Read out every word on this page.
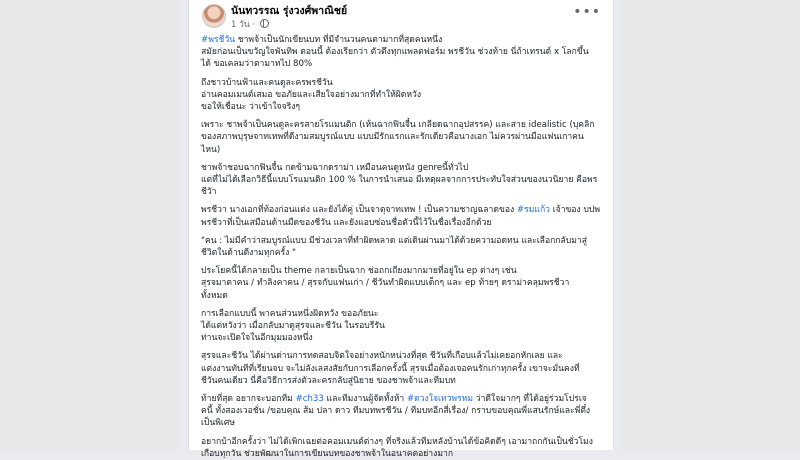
นันทวรรณ รุ่งวงศ์พาณิชย์
1 วัน ·
•••

#พรชีวัน ชาพจ้าเป็นนักเขียนบท ที่มีจำนวนคนตามากที่สุดคนหนึ่ง
สมัยก่อนเป็นขวัญใจพันทิพ ตอนนี้ ต้องเรียกว่า ตัวตึงทุกแพลตฟอร์ม พรชีวัน ช่วงท้าย นี่ถ้าเทรนด์ x โลกขึ้น
ได้ ขอเคลมว่าตามาทไป 80%

ถึงชาวบ้านฟ้าและคนดูละครพรชีวัน
อ่านคอมเมนต์เสมอ ขอภัยและเสียใจอย่างมากที่ทำให้ผิดหวัง
ขอให้เชื่อนะ ว่าเข้าใจจริงๆ

เพราะ ชาพจ้าเป็นคนดูละครสายโรแมนติก (เห้นฉากฟินจื๋น เกลียดฉากอุปสรรค) และสาย idealistic (บุคลิก
ของสภาพบุรุษจาทเทพที่ดีงามสมบูรณ์แบบ แบบมีรักแรกและรักเดียวคือนางเอก ไม่ควรผ่านมือแฟนเกาคน
ไหน)

ชาพจ้าชอบฉากฟินจื๋น กดข้ามฉากดราม่า เหมือนคนดูหนัง genreนี้ทั่วไป
แต่ที่ไม่ได้เลือกวิธีนี้แบบโรแมนติก 100 % ในการนำเสนอ มีเหตุผลจากการประทับใจส่วนของนวนิยาย คือพร
ชีวัา

พรชีวา นางเอกที่ท้องก่อนแต่ง และยังได้คู่ เป็นจาตุจาทเทพ ! เป็นความชาญฉลาดของ #รมแก้ว เจ้าของ บปพ
พรชีวาที่เป็นเสมือนด้านมืดของชีวัน และยังแอบซ่อนชื่อตัวนี้ไว้ในชื่อเรื่องอีกด้วย

"ฅน : ไม่มีคำว่าสมบูรณ์แบบ มีช่วงเวลาที่ทำผิดพลาด แต่เดินผ่านมาได้ด้วยความอดทน และเลือกกลับมาสู่
ชีวิตในด้านดีงามทุกครั้ง "

ประโยคนี้ได้กลายเป็น theme กลายเป็นฉาก ช่อถกเถียงมากมายที่อยู่ใน ep ต่างๆ เช่น
สุรจมาตาคน / ทำลิงคาคน / สุรจกับแฟนเก่า / ชีวันทำผิดแบบเด็กๆ และ ep ท้ายๆ ดราม่าคลุมพรชีวา
ทั้งหมด

การเลือกแบบนี้ พาคนส่วนหนึ่งผิดหวัง ขออภัยนะ
ได้แต่หวังว่า เมื่อกลับมาดูสุรจและชีวัน ในรอบรีรัน
ท่านจะเปิดใจในอีกมุมมองหนึ่ง

สุรจและชีวัน ได้ผ่านด่านการทดสอบจิตใจอย่างหนักหน่วงที่สุด ชีวันที่เกือบแล้วไม่เคยอกหักเลย และ
แต่งงานทันทีที่เรียนจบ จะไม่ลังเลสงสัยกับการเลือกครั้งนี้ สุรจเมื่อต้องเจอคนรักเก่าทุกครั้ง เขาจะมั่นคงที่
ชีวันคนเดียว นี่คือวิธีการส่งตัวละครกลับสู่นิยาย ของชาพจ้าและทีมบท

ท้ายที่สุด อยากจะบอกทีม #ch33 และทีมงานผู้จัดทั้งห้า #ดวงใจเทวพรหม ว่าดีใจมากๆ ที่ได้อยู่ร่วมโปรเจ
คนี้ ทั้งสองเวอชั่น /ขอบคุณ ส้ม ปลา ดาว ทีมบทพรชีวัน / ทีมบทอีกสี่เรื่อง/ กราบขอบคุณพี่แสนรักษ์และพี่ตึ๋ง
เป็นพิเศษ

อยากบ้าอีกครั้งว่า ไม่ได้เพิกเฉยต่อคอมเมนต์ต่างๆ ที่จริงแล้วทีมหลังบ้านได้ข้อคิดดีๆ เอามาถกกันเป็นชั่วโมง
เกือบทุกวัน ช่วยพัฒนาในการเขียนบทของชาพจ้าในอนาคตอย่างมาก
